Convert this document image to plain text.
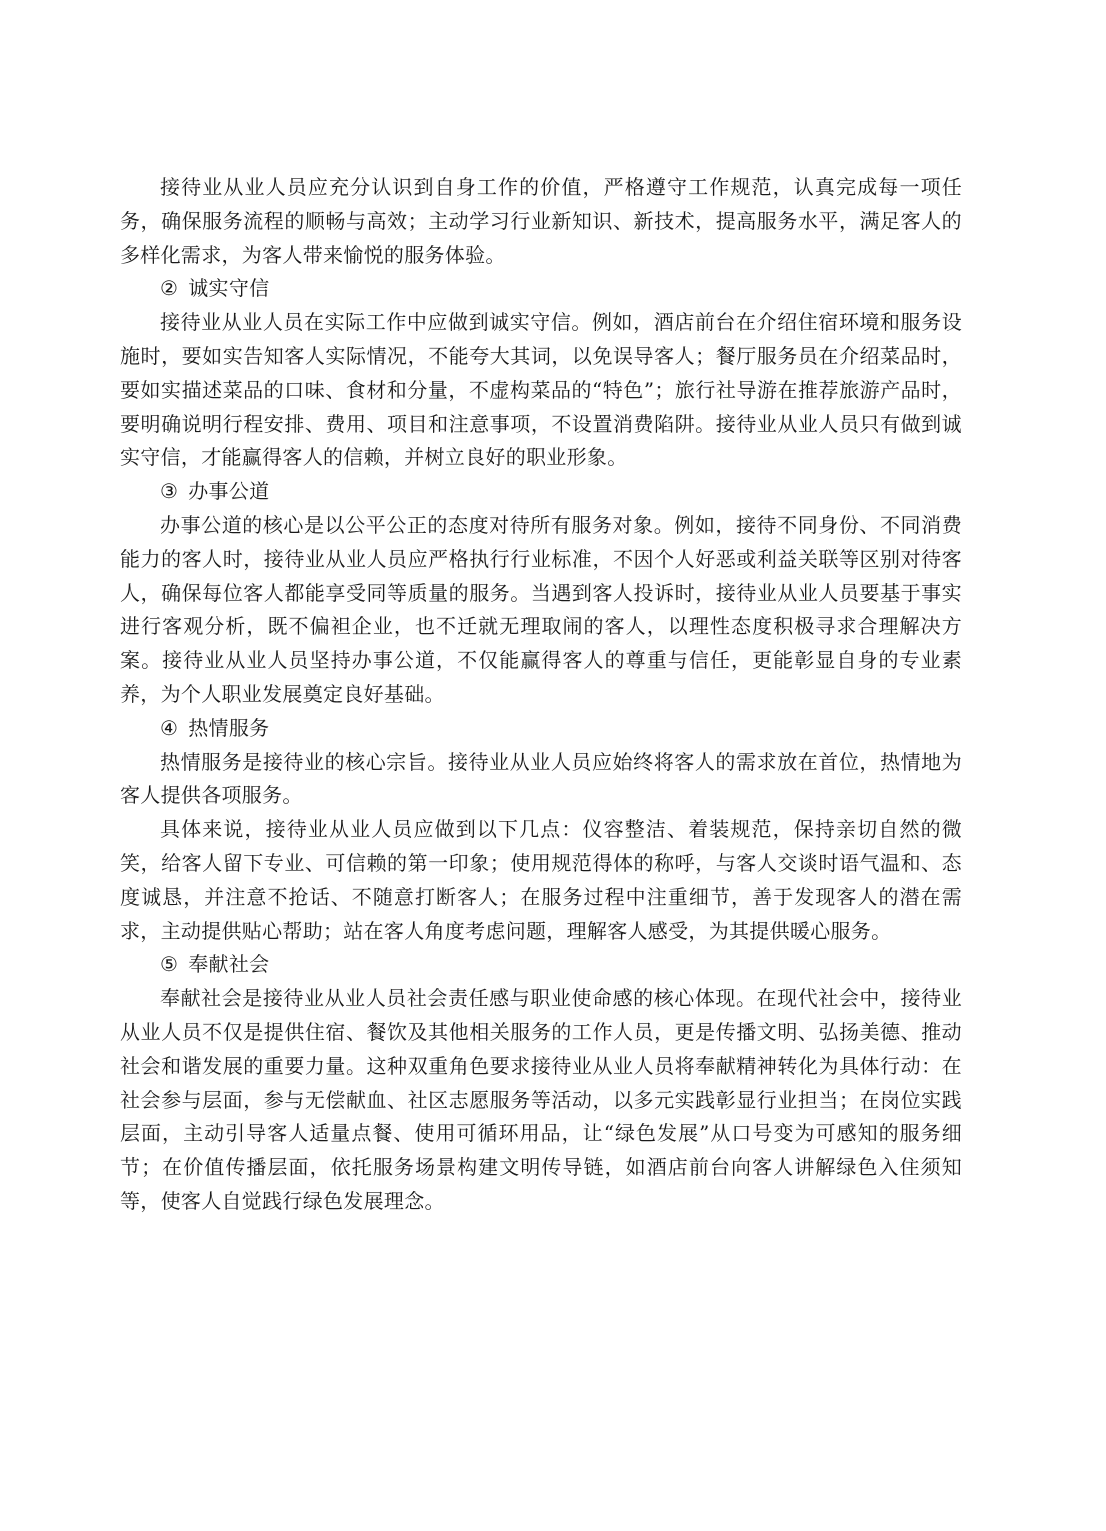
接待业从业人员应充分认识到自身工作的价值，严格遵守工作规范，认真完成每一项任务，确保服务流程的顺畅与高效；主动学习行业新知识、新技术，提高服务水平，满足客人的多样化需求，为客人带来愉悦的服务体验。

② 诚实守信

接待业从业人员在实际工作中应做到诚实守信。例如，酒店前台在介绍住宿环境和服务设施时，要如实告知客人实际情况，不能夸大其词，以免误导客人；餐厅服务员在介绍菜品时，要如实描述菜品的口味、食材和分量，不虚构菜品的“特色”；旅行社导游在推荐旅游产品时，要明确说明行程安排、费用、项目和注意事项，不设置消费陷阱。接待业从业人员只有做到诚实守信，才能赢得客人的信赖，并树立良好的职业形象。

③ 办事公道

办事公道的核心是以公平公正的态度对待所有服务对象。例如，接待不同身份、不同消费能力的客人时，接待业从业人员应严格执行行业标准，不因个人好恶或利益关联等区别对待客人，确保每位客人都能享受同等质量的服务。当遇到客人投诉时，接待业从业人员要基于事实进行客观分析，既不偏袒企业，也不迁就无理取闹的客人，以理性态度积极寻求合理解决方案。接待业从业人员坚持办事公道，不仅能赢得客人的尊重与信任，更能彰显自身的专业素养，为个人职业发展奠定良好基础。

④ 热情服务

热情服务是接待业的核心宗旨。接待业从业人员应始终将客人的需求放在首位，热情地为客人提供各项服务。

具体来说，接待业从业人员应做到以下几点：仪容整洁、着装规范，保持亲切自然的微笑，给客人留下专业、可信赖的第一印象；使用规范得体的称呼，与客人交谈时语气温和、态度诚恳，并注意不抢话、不随意打断客人；在服务过程中注重细节，善于发现客人的潜在需求，主动提供贴心帮助；站在客人角度考虑问题，理解客人感受，为其提供暖心服务。

⑤ 奉献社会

奉献社会是接待业从业人员社会责任感与职业使命感的核心体现。在现代社会中，接待业从业人员不仅是提供住宿、餐饮及其他相关服务的工作人员，更是传播文明、弘扬美德、推动社会和谐发展的重要力量。这种双重角色要求接待业从业人员将奉献精神转化为具体行动：在社会参与层面，参与无偿献血、社区志愿服务等活动，以多元实践彰显行业担当；在岗位实践层面，主动引导客人适量点餐、使用可循环用品，让“绿色发展”从口号变为可感知的服务细节；在价值传播层面，依托服务场景构建文明传导链，如酒店前台向客人讲解绿色入住须知等，使客人自觉践行绿色发展理念。
